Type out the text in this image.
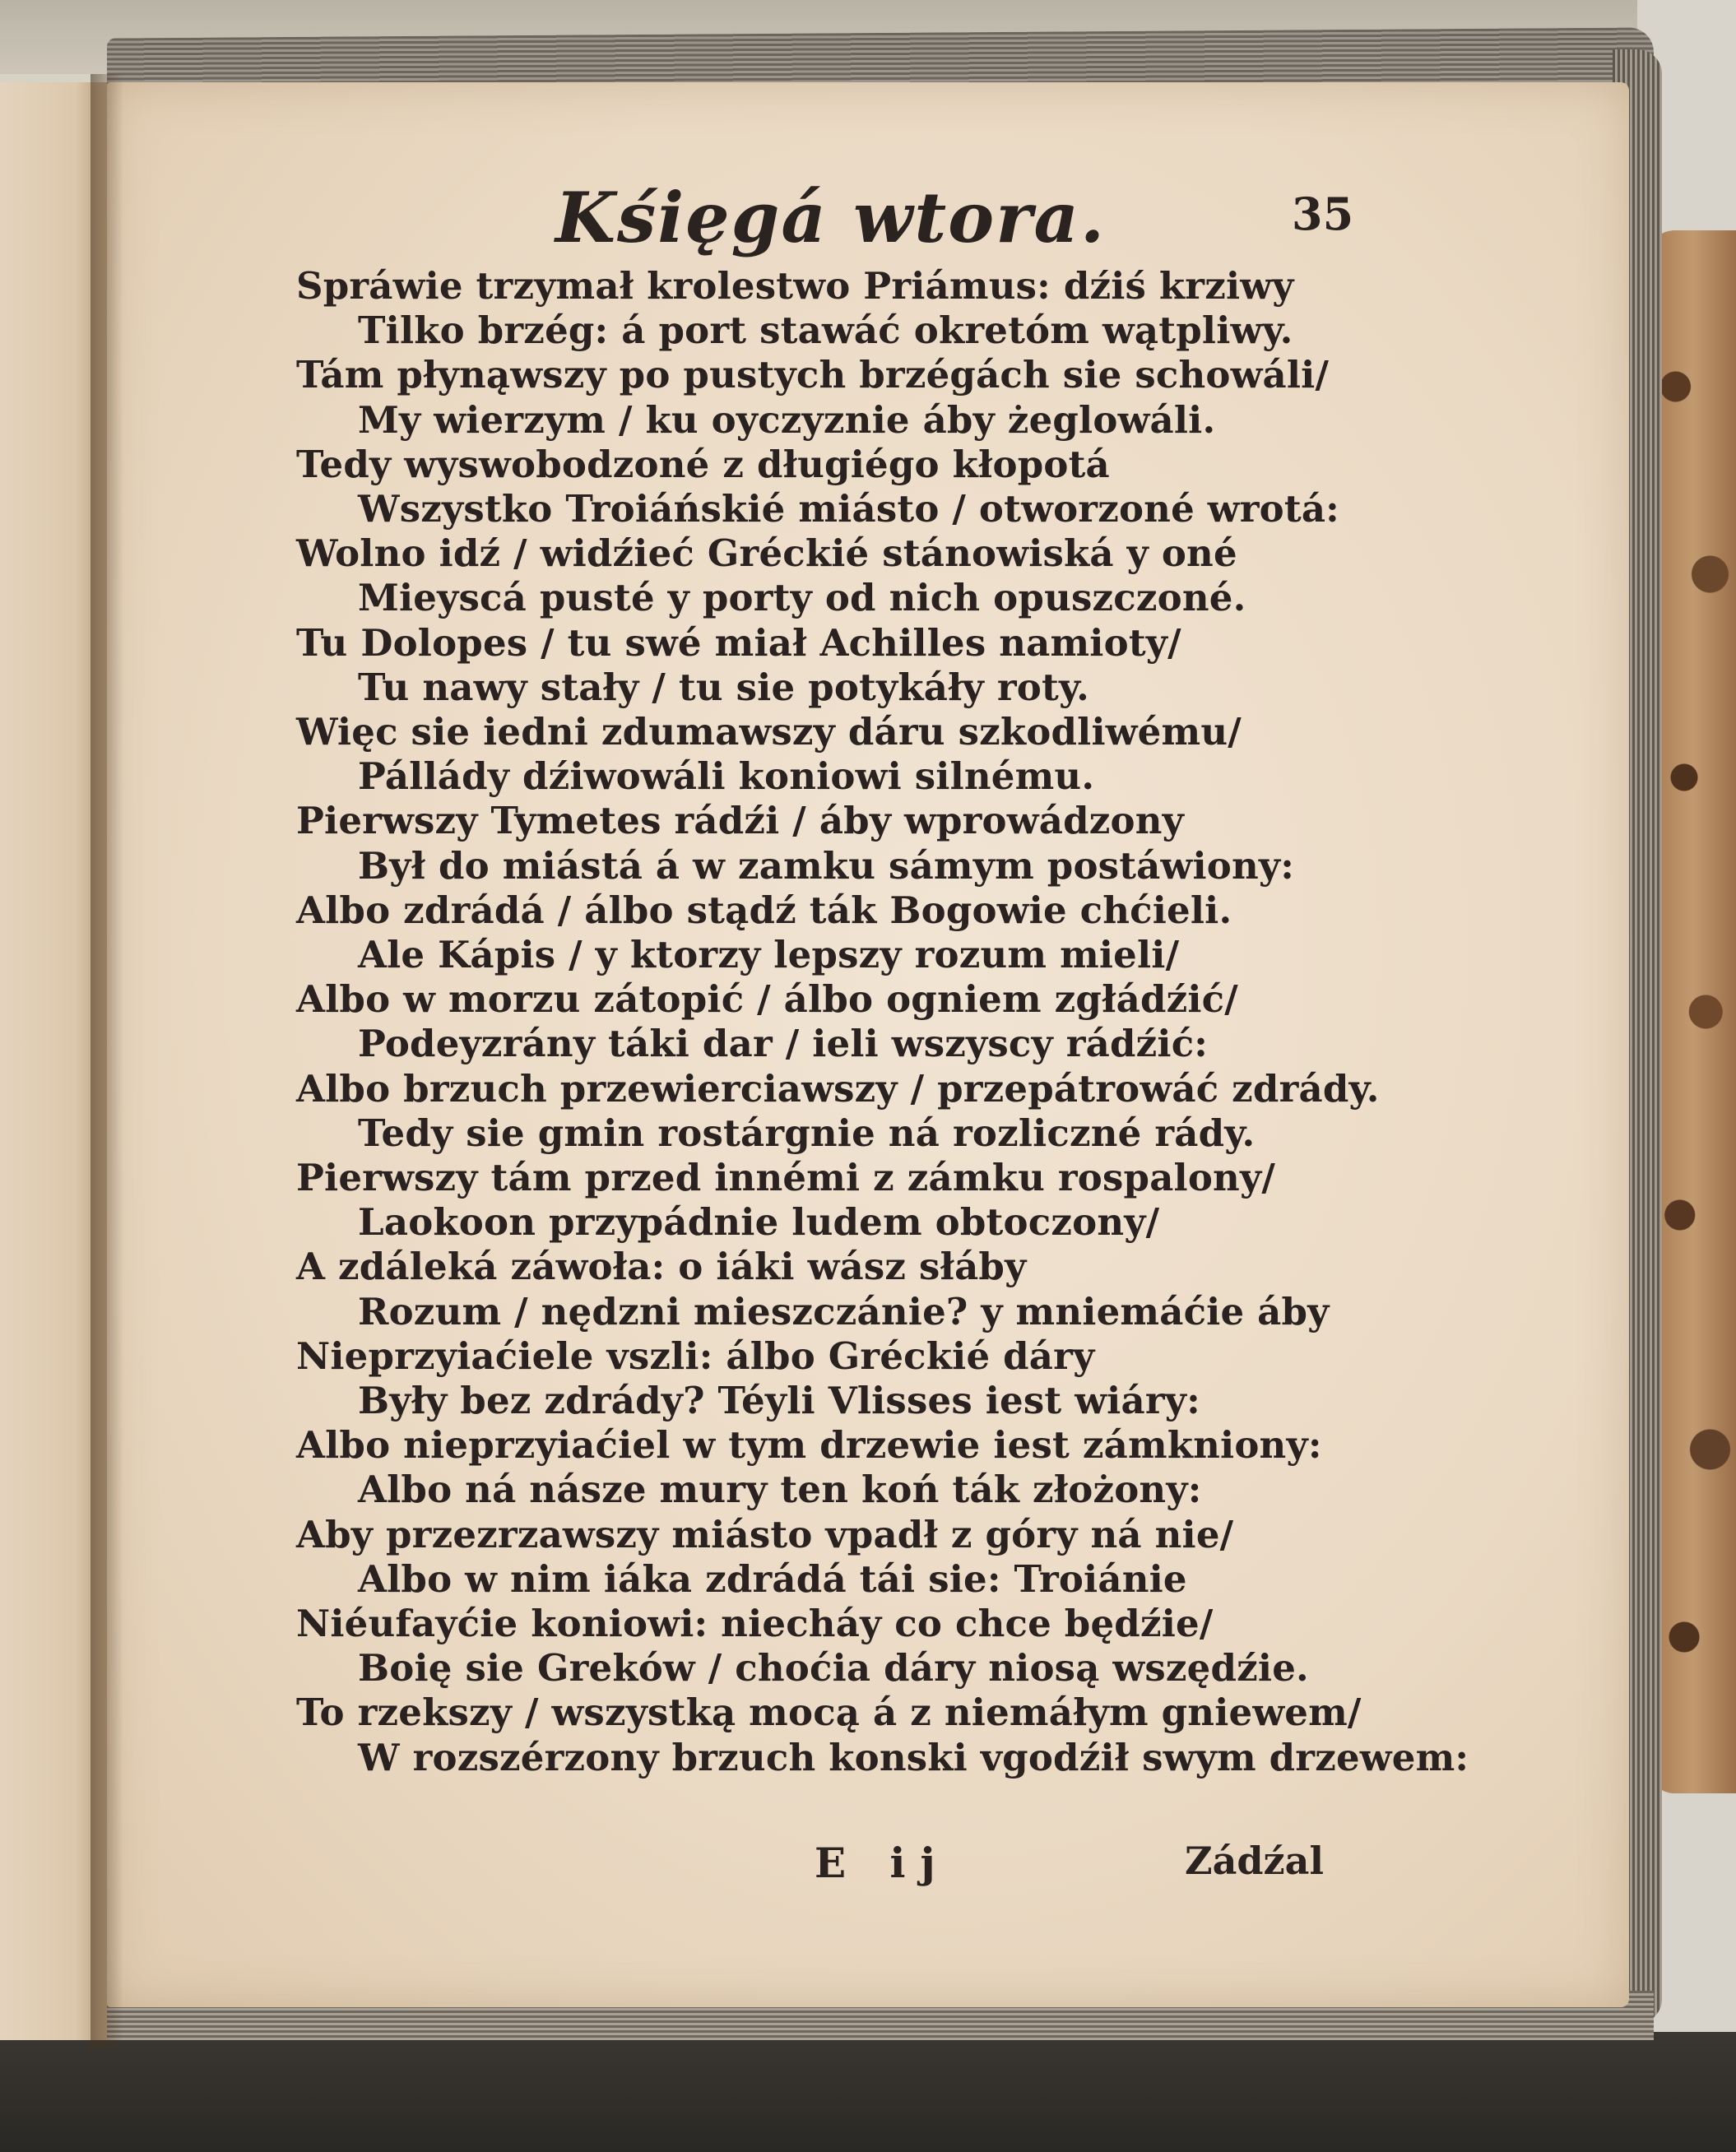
Kśięgá wtora.	35
Spráwie trzymał krolestwo Priámus: dźiś krziwy
Tilko brzég: á port stawáć okretóm wątpliwy.
Tám płynąwszy po pustych brzégách sie schowáli/
My wierzym / ku oyczyznie áby żeglowáli.
Tedy wyswobodzoné z długiégo kłopotá
Wszystko Troiáńskié miásto / otworzoné wrotá:
Wolno idź / widźieć Gréckié stánowiská y oné
Mieyscá pusté y porty od nich opuszczoné.
Tu Dolopes / tu swé miał Achilles namioty/
Tu nawy stały / tu sie potykáły roty.
Więc sie iedni zdumawszy dáru szkodliwému/
Pállády dźiwowáli koniowi silnému.
Pierwszy Tymetes rádźi / áby wprowádzony
Był do miástá á w zamku sámym postáwiony:
Albo zdrádá / álbo stądź ták Bogowie chćieli.
Ale Kápis / y ktorzy lepszy rozum mieli/
Albo w morzu zátopić / álbo ogniem zgłádźić/
Podeyzrány táki dar / ieli wszyscy rádźić:
Albo brzuch przewierciawszy / przepátrowáć zdrády.
Tedy sie gmin rostárgnie ná rozliczné rády.
Pierwszy tám przed innémi z zámku rospalony/
Laokoon przypádnie ludem obtoczony/
A zdáleká záwoła: o iáki wász słáby
Rozum / nędzni mieszczánie? y mniemáćie áby
Nieprzyiaćiele vszli: álbo Gréckié dáry
Były bez zdrády? Téyli Vlisses iest wiáry:
Albo nieprzyiaćiel w tym drzewie iest zámkniony:
Albo ná násze mury ten koń ták złożony:
Aby przezrzawszy miásto vpadł z góry ná nie/
Albo w nim iáka zdrádá tái sie: Troiánie
Niéufayćie koniowi: niecháy co chce będźie/
Boię sie Greków / choćia dáry niosą wszędźie.
To rzekszy / wszystką mocą á z niemáłym gniewem/
W rozszérzony brzuch konski vgodźił swym drzewem:
E ij	Zádźal
